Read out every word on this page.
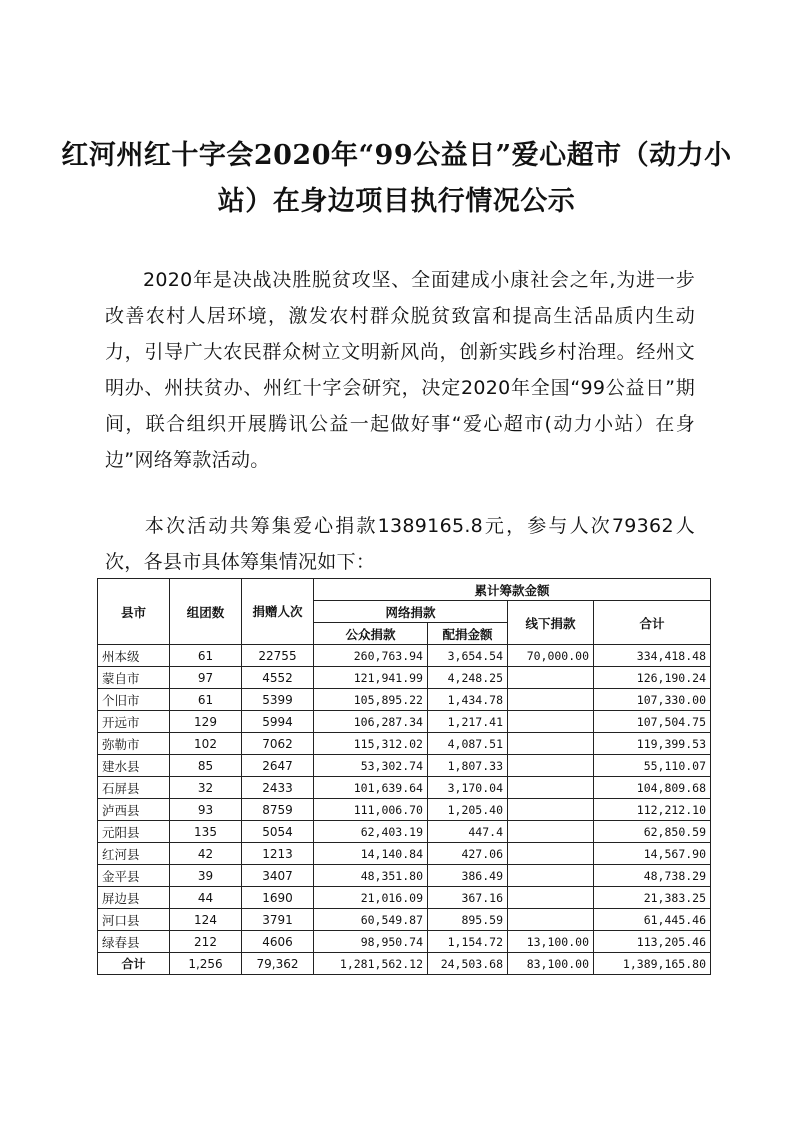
红河州红十字会2020年“99公益日”爱心超市（动力小站）在身边项目执行情况公示

2020年是决战决胜脱贫攻坚、全面建成小康社会之年,为进一步改善农村人居环境，激发农村群众脱贫致富和提高生活品质内生动力，引导广大农民群众树立文明新风尚，创新实践乡村治理。经州文明办、州扶贫办、州红十字会研究，决定2020年全国“99公益日”期间，联合组织开展腾讯公益一起做好事“爱心超市(动力小站）在身边”网络筹款活动。

本次活动共筹集爱心捐款1389165.8元，参与人次79362人次，各县市具体筹集情况如下：

县市	组团数	捐赠人次	累计筹款金额			
			网络捐款		线下捐款	合计
			公众捐款	配捐金额		
州本级	61	22755	260,763.94	3,654.54	70,000.00	334,418.48
蒙自市	97	4552	121,941.99	4,248.25		126,190.24
个旧市	61	5399	105,895.22	1,434.78		107,330.00
开远市	129	5994	106,287.34	1,217.41		107,504.75
弥勒市	102	7062	115,312.02	4,087.51		119,399.53
建水县	85	2647	53,302.74	1,807.33		55,110.07
石屏县	32	2433	101,639.64	3,170.04		104,809.68
泸西县	93	8759	111,006.70	1,205.40		112,212.10
元阳县	135	5054	62,403.19	447.4		62,850.59
红河县	42	1213	14,140.84	427.06		14,567.90
金平县	39	3407	48,351.80	386.49		48,738.29
屏边县	44	1690	21,016.09	367.16		21,383.25
河口县	124	3791	60,549.87	895.59		61,445.46
绿春县	212	4606	98,950.74	1,154.72	13,100.00	113,205.46
合计	1,256	79,362	1,281,562.12	24,503.68	83,100.00	1,389,165.80
